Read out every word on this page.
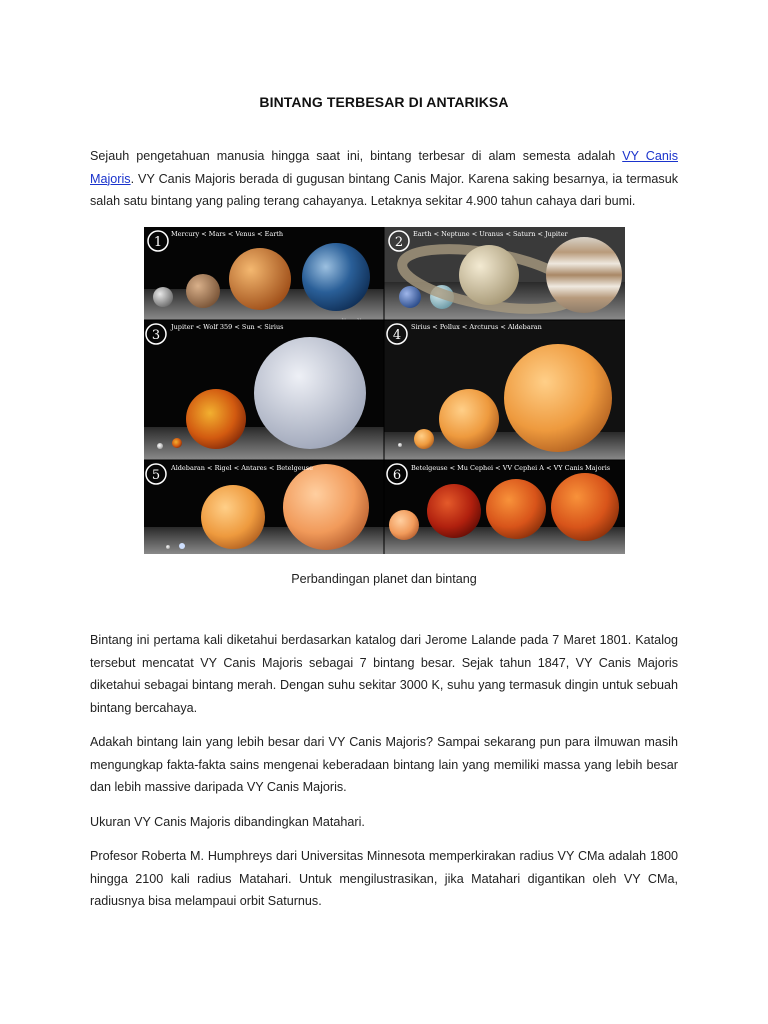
BINTANG TERBESAR DI ANTARIKSA
Sejauh pengetahuan manusia hingga saat ini, bintang terbesar di alam semesta adalah VY Canis Majoris. VY Canis Majoris berada di gugusan bintang Canis Major. Karena saking besarnya, ia termasuk salah satu bintang yang paling terang cahayanya. Letaknya sekitar 4.900 tahun cahaya dari bumi.
1
Mercury < Mars < Venus < Earth
2
Earth < Neptune < Uranus < Saturn < Jupiter
3
Jupiter < Wolf 359 < Sun < Sirius
4
Sirius < Pollux < Arcturus < Aldebaran
5 Aldebaran < Rigel < Antares < Betelgeuse	6 Betelgeuse < Mu Cephei < VV Cephei A < VY Canis Majoris
Perbandingan planet dan bintang
Bintang ini pertama kali diketahui berdasarkan katalog dari Jerome Lalande pada 7 Maret 1801. Katalog tersebut mencatat VY Canis Majoris sebagai 7 bintang besar. Sejak tahun 1847, VY Canis Majoris diketahui sebagai bintang merah. Dengan suhu sekitar 3000 K, suhu yang termasuk dingin untuk sebuah bintang bercahaya.
Adakah bintang lain yang lebih besar dari VY Canis Majoris? Sampai sekarang pun para ilmuwan masih mengungkap fakta-fakta sains mengenai keberadaan bintang lain yang memiliki massa yang lebih besar dan lebih massive daripada VY Canis Majoris.
Ukuran VY Canis Majoris dibandingkan Matahari.
Profesor Roberta M. Humphreys dari Universitas Minnesota memperkirakan radius VY CMa adalah 1800 hingga 2100 kali radius Matahari. Untuk mengilustrasikan, jika Matahari digantikan oleh VY CMa, radiusnya bisa melampaui orbit Saturnus.
